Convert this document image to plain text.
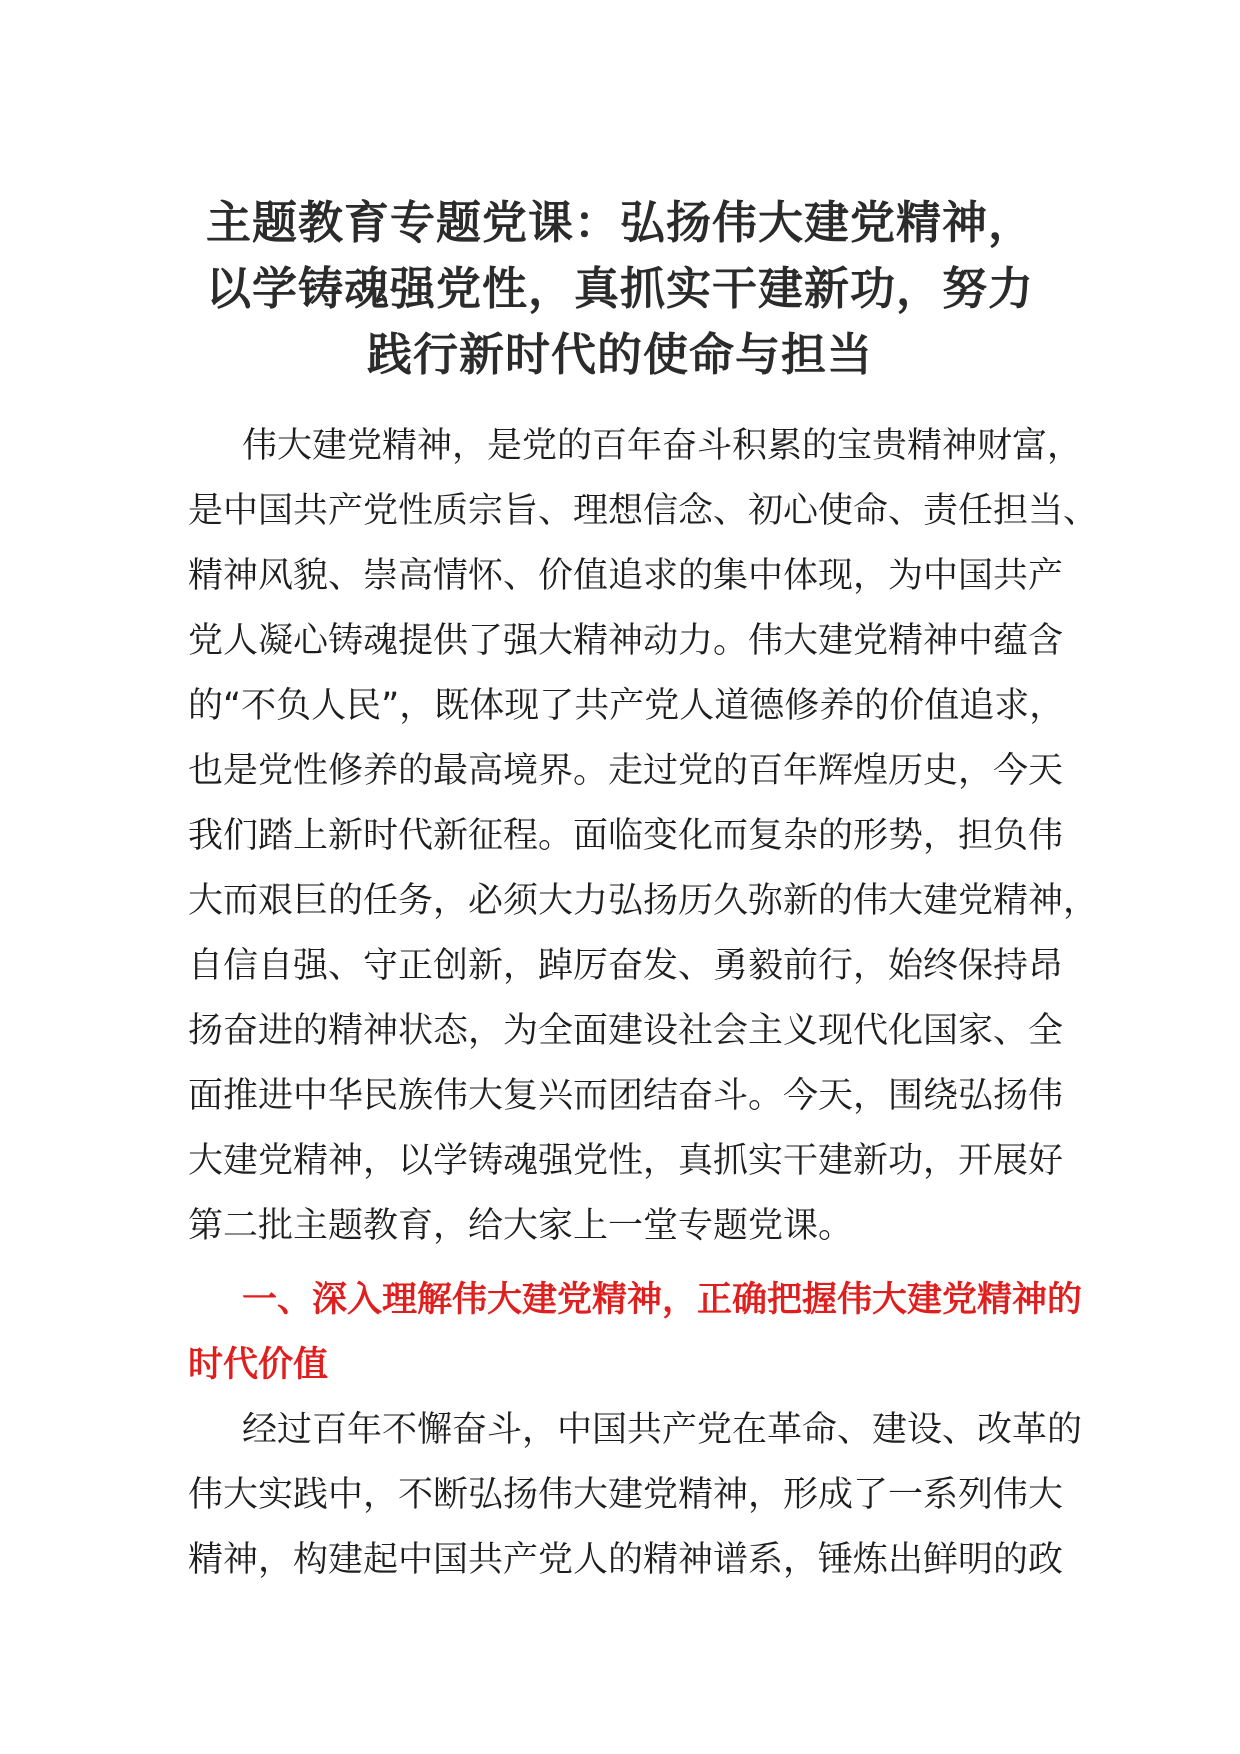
主题教育专题党课：弘扬伟大建党精神，
以学铸魂强党性，真抓实干建新功，努力
践行新时代的使命与担当
伟大建党精神，是党的百年奋斗积累的宝贵精神财富，
是中国共产党性质宗旨、理想信念、初心使命、责任担当、
精神风貌、崇高情怀、价值追求的集中体现，为中国共产
党人凝心铸魂提供了强大精神动力。伟大建党精神中蕴含
的“不负人民”，既体现了共产党人道德修养的价值追求，
也是党性修养的最高境界。走过党的百年辉煌历史，今天
我们踏上新时代新征程。面临变化而复杂的形势，担负伟
大而艰巨的任务，必须大力弘扬历久弥新的伟大建党精神，
自信自强、守正创新，踔厉奋发、勇毅前行，始终保持昂
扬奋进的精神状态，为全面建设社会主义现代化国家、全
面推进中华民族伟大复兴而团结奋斗。今天，围绕弘扬伟
大建党精神，以学铸魂强党性，真抓实干建新功，开展好
第二批主题教育，给大家上一堂专题党课。
一、深入理解伟大建党精神，正确把握伟大建党精神的
时代价值
经过百年不懈奋斗，中国共产党在革命、建设、改革的
伟大实践中，不断弘扬伟大建党精神，形成了一系列伟大
精神，构建起中国共产党人的精神谱系，锤炼出鲜明的政
